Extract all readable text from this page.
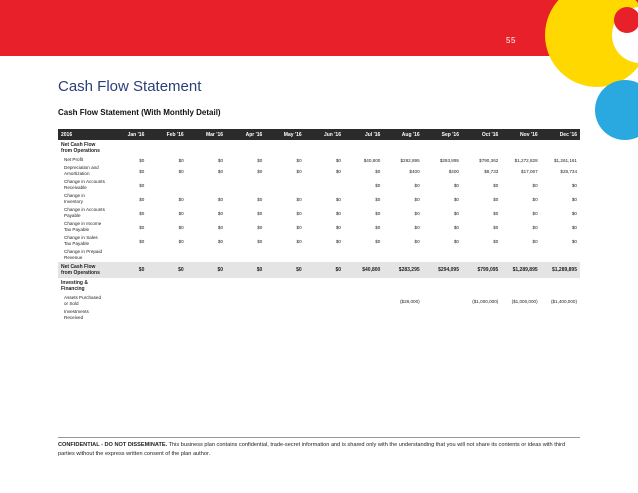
55
Cash Flow Statement
Cash Flow Statement (With Monthly Detail)
2016	Jan '16	Feb '16	Mar '16	Apr '16	May '16	Jun '16	Jul '16	Aug '16	Sep '16	Oct '16	Nov '16	Dec '16
Net Cash Flow from Operations												
Net Profit	$0	$0	$0	$0	$0	$0	$40,800	$282,895	$293,895	$790,362	$1,272,828	$1,261,161
Depreciation and Amortization	$0	$0	$0	$0	$0	$0	$0	$400	$400	$8,733	$17,067	$28,734
Change in Accounts Receivable	$0						$0	$0	$0	$0	$0	$0
Change in Inventory	$0	$0	$0	$0	$0	$0	$0	$0	$0	$0	$0	$0
Change in Accounts Payable	$0	$0	$0	$0	$0	$0	$0	$0	$0	$0	$0	$0
Change in Income Tax Payable	$0	$0	$0	$0	$0	$0	$0	$0	$0	$0	$0	$0
Change in Sales Tax Payable	$0	$0	$0	$0	$0	$0	$0	$0	$0	$0	$0	$0
Change in Prepaid Revenue												
Net Cash Flow from Operations	$0	$0	$0	$0	$0	$0	$40,800	$283,295	$294,095	$799,095	$1,289,895	$1,289,895
Investing & Financing												
Assets Purchased or Sold								($28,000)		($1,000,000)	($1,000,000)	($1,400,000)
Investments Received												
CONFIDENTIAL - DO NOT DISSEMINATE. This business plan contains confidential, trade-secret information and is shared only with the understanding that you will not share its contents or ideas with third parties without the express written consent of the plan author.
